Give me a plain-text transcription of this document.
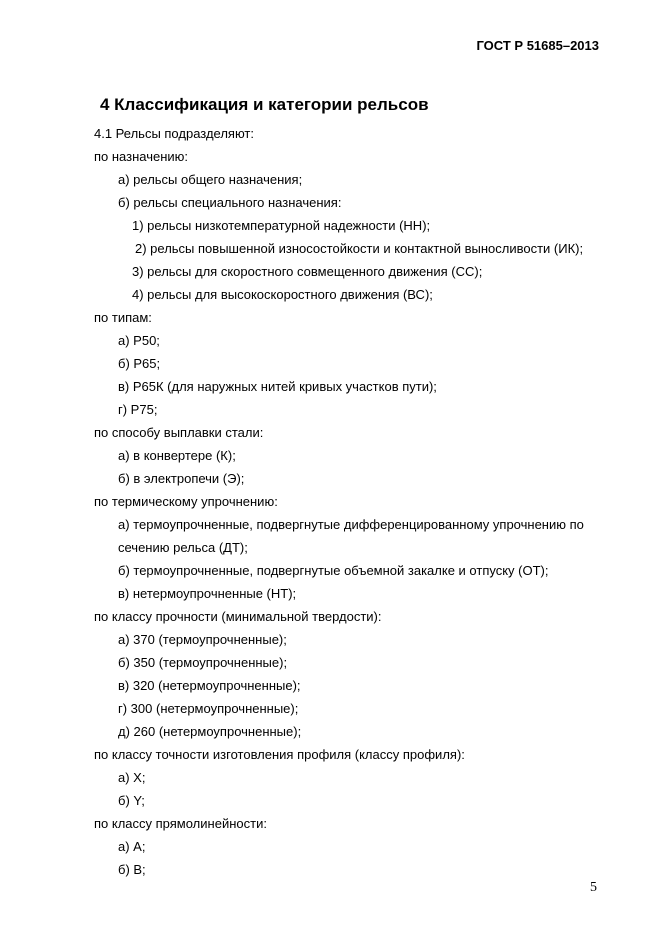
ГОСТ Р 51685–2013
4 Классификация и категории рельсов
4.1 Рельсы подразделяют:
по назначению:
а) рельсы общего назначения;
б) рельсы специального назначения:
1) рельсы низкотемпературной надежности (НН);
2) рельсы повышенной износостойкости и контактной выносливости (ИК);
3) рельсы для скоростного совмещенного движения (СС);
4) рельсы для высокоскоростного движения (ВС);
по типам:
а) Р50;
б) Р65;
в) Р65К (для наружных нитей кривых участков пути);
г) Р75;
по способу выплавки стали:
а) в конвертере (К);
б) в электропечи (Э);
по термическому упрочнению:
а) термоупрочненные, подвергнутые дифференцированному упрочнению по
сечению рельса (ДТ);
б) термоупрочненные, подвергнутые объемной закалке и отпуску (ОТ);
в) нетермоупрочненные (НТ);
по классу прочности (минимальной твердости):
а) 370 (термоупрочненные);
б) 350 (термоупрочненные);
в) 320 (нетермоупрочненные);
г) 300 (нетермоупрочненные);
д) 260 (нетермоупрочненные);
по классу точности изготовления профиля (классу профиля):
а) Х;
б) Y;
по классу прямолинейности:
а) А;
б) В;
5
